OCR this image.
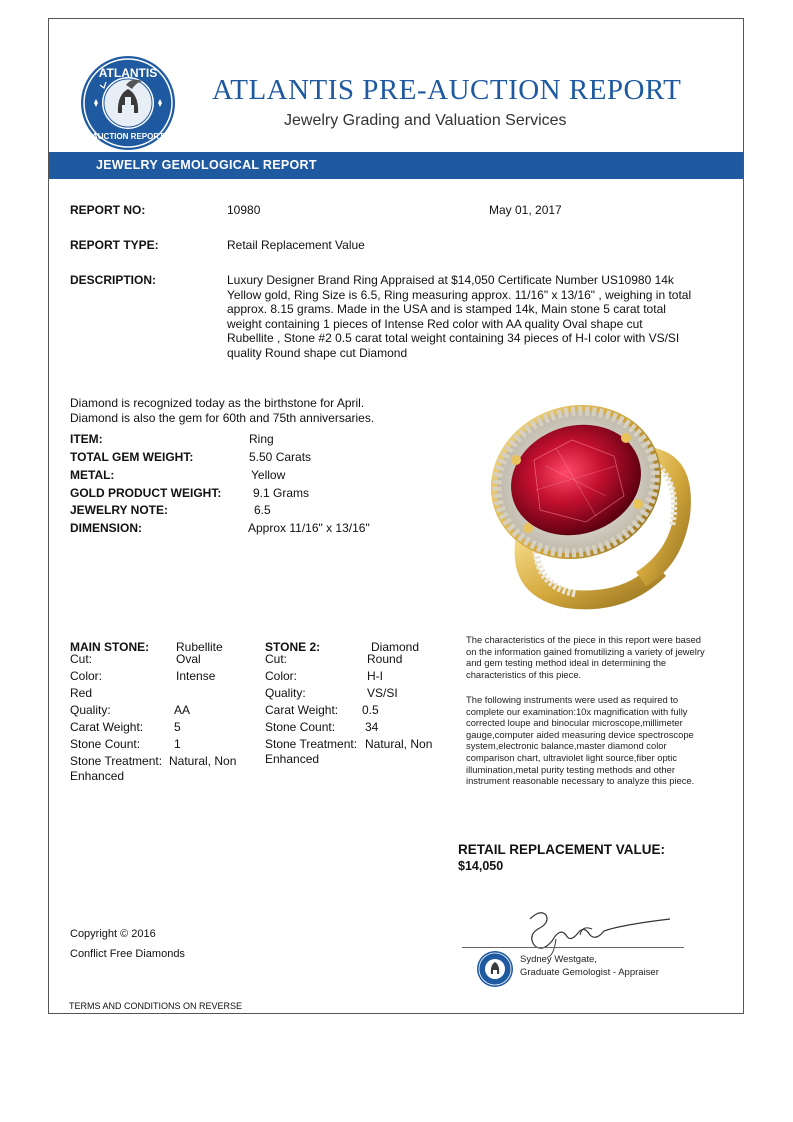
ATLANTIS
AUCTION REPORT
ATLANTIS PRE-AUCTION REPORT
Jewelry Grading and Valuation Services
JEWELRY GEMOLOGICAL REPORT
REPORT NO:	10980	May 01, 2017
REPORT TYPE:	Retail Replacement Value
DESCRIPTION:	Luxury Designer Brand Ring Appraised at $14,050 Certificate Number US10980 14k Yellow gold, Ring Size is 6.5, Ring measuring approx. 11/16" x 13/16" , weighing in total approx. 8.15 grams. Made in the USA and is stamped 14k, Main stone 5 carat total weight containing 1 pieces of Intense Red color with AA quality Oval shape cut Rubellite , Stone #2 0.5 carat total weight containing 34 pieces of H-I color with VS/SI quality Round shape cut Diamond
Diamond is recognized today as the birthstone for April.
Diamond is also the gem for 60th and 75th anniversaries.
ITEM:	Ring
TOTAL GEM WEIGHT:	5.50 Carats
METAL:	Yellow
GOLD PRODUCT WEIGHT:	9.1 Grams
JEWELRY NOTE:	6.5
DIMENSION:	Approx 11/16" x 13/16"
MAIN STONE: Rubellite
Cut:	Oval
Color:	Intense
Red
Quality:	AA
Carat Weight:	5
Stone Count:	1
Stone Treatment: Natural, Non
Enhanced
STONE 2:	Diamond
Cut:	Round
Color:	H-I
Quality:	VS/SI
Carat Weight: 0.5
Stone Count: 34
Stone Treatment: Natural, Non
Enhanced
The characteristics of the piece in this report were based on the information gained fromutilizing a variety of jewelry and gem testing method ideal in determining the characteristics of this piece.
The following instruments were used as required to complete our examination:10x magnification with fully corrected loupe and binocular microscope,millimeter gauge,computer aided measuring device spectroscope system,electronic balance,master diamond color comparison chart, ultraviolet light source,fiber optic illumination,metal purity testing methods and other instrument reasonable necessary to analyze this piece.
RETAIL REPLACEMENT VALUE:
$14,050
Sydney Westgate,
Graduate Gemologist - Appraiser
Copyright © 2016
Conflict Free Diamonds
TERMS AND CONDITIONS ON REVERSE
